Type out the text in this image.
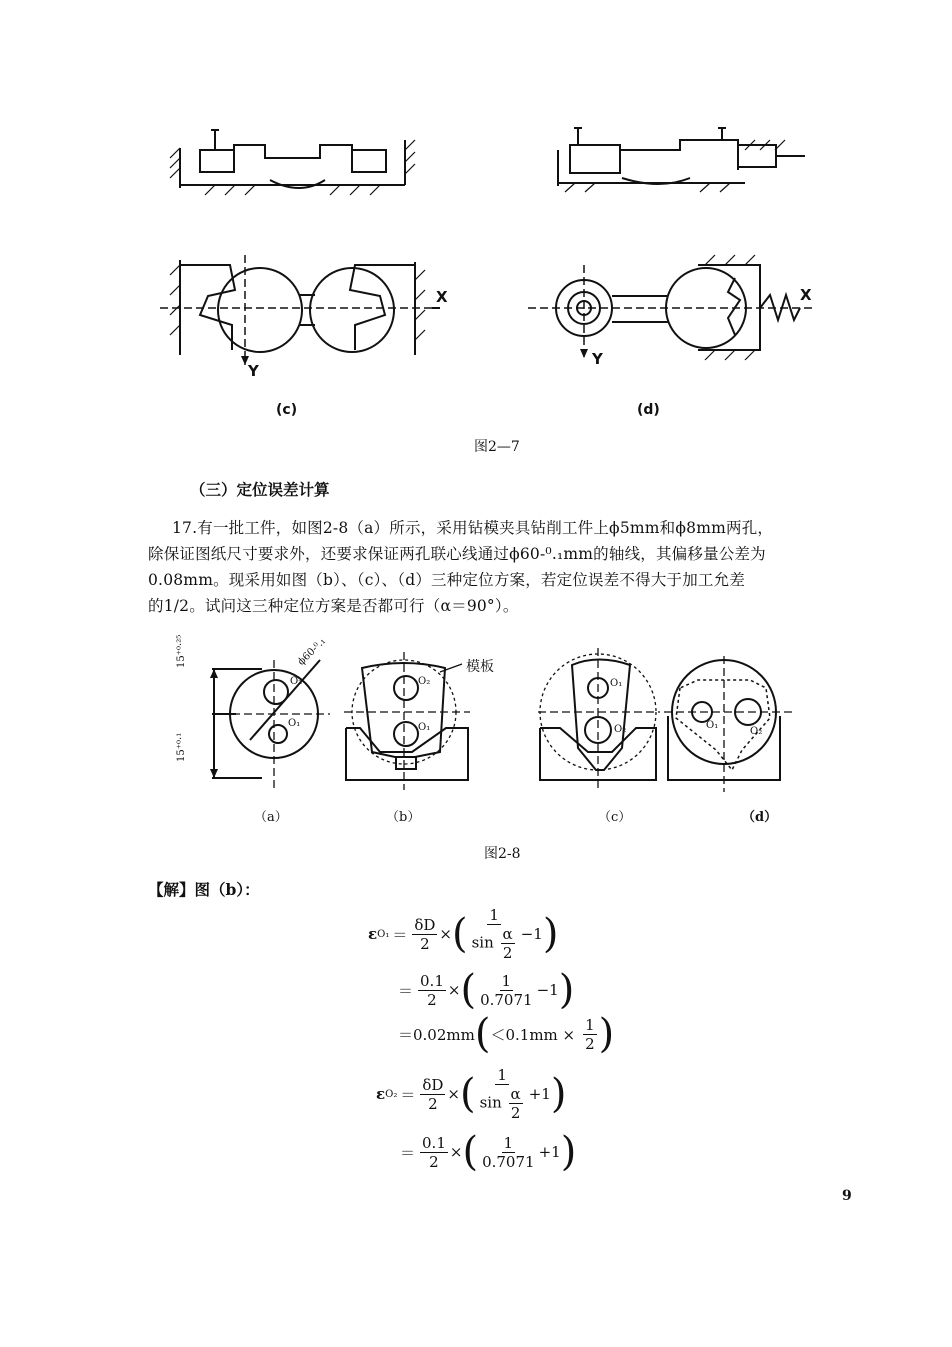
X
Y
X
Y
(c)	(d)
图2—7
（三）定位误差计算
17.有一批工件，如图2-8（a）所示，采用钻模夹具钻削工件上ϕ5mm和ϕ8mm两孔，
除保证图纸尺寸要求外，还要求保证两孔联心线通过ϕ60-⁰.₁mm的轴线，其偏移量公差为
0.08mm。现采用如图（b）、（c）、（d）三种定位方案，若定位误差不得大于加工允差
的1/2。试问这三种定位方案是否都可行（α＝90°）。
15⁺⁰·²⁵
15⁺⁰·¹
ϕ60-⁰.₁
O₂
O₁
O₂
O₁
O₁
O₂	O₁
O₂
模板
（a）	（b）	（c）	（d）
图2-8
【解】图（b）：
ε $O_1 = \frac{\delta D}{2}$ × ( $\frac{1}{\sin \frac{\alpha}{2}} -1$ )
＝ $\frac{0.1}{2}$ × ( $\frac{1}{0.7071} -1$ )
＝0.02mm ( $<0.1mm \times \frac{1}{2}$ )
ε $O_2 = \frac{\delta D}{2}$ × ( $\frac{1}{\sin \frac{\alpha}{2}} +1$ )
＝ $\frac{0.1}{2}$ × ( $\frac{1}{0.7071} +1$ )
9
